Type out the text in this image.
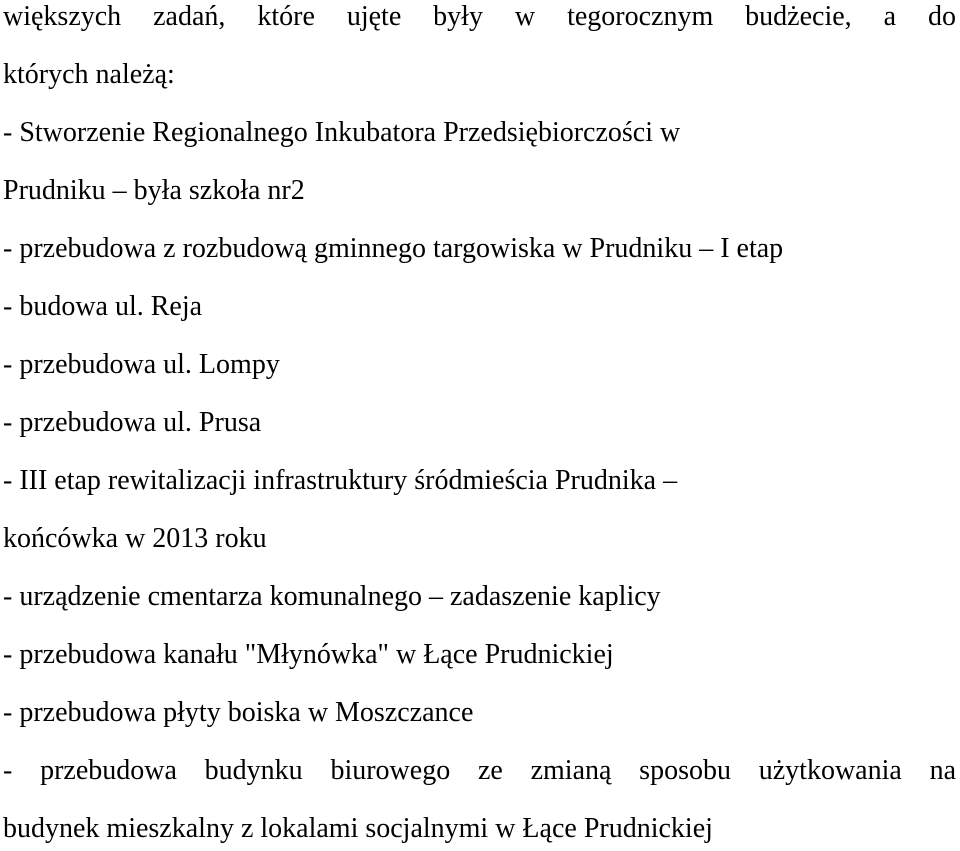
większych zadań, które ujęte były w tegorocznym budżecie, a do
których należą:
- Stworzenie Regionalnego Inkubatora Przedsiębiorczości w
Prudniku – była szkoła nr2
- przebudowa z rozbudową gminnego targowiska w Prudniku – I etap
- budowa ul. Reja
- przebudowa ul. Lompy
- przebudowa ul. Prusa
- III etap rewitalizacji infrastruktury śródmieścia Prudnika –
końcówka w 2013 roku
- urządzenie cmentarza komunalnego – zadaszenie kaplicy
- przebudowa kanału "Młynówka" w Łące Prudnickiej
- przebudowa płyty boiska w Moszczance
- przebudowa budynku biurowego ze zmianą sposobu użytkowania na
budynek mieszkalny z lokalami socjalnymi w Łące Prudnickiej
